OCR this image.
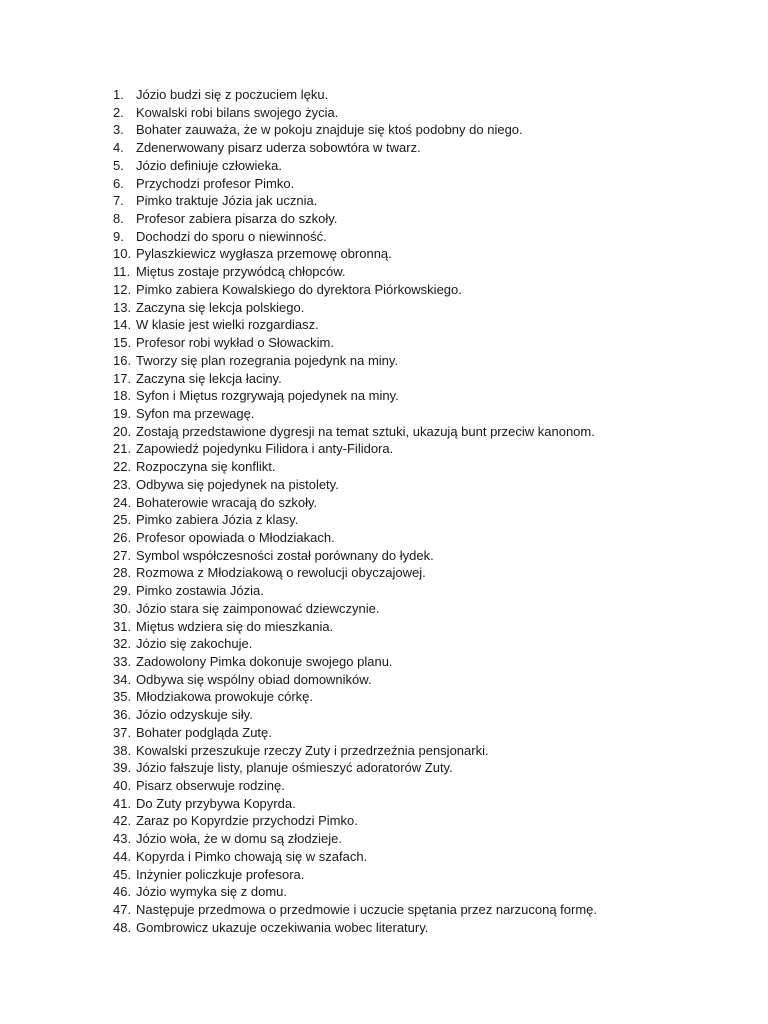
1. Józio budzi się z poczuciem lęku.
2. Kowalski robi bilans swojego życia.
3. Bohater zauważa, że w pokoju znajduje się ktoś podobny do niego.
4. Zdenerwowany pisarz uderza sobowtóra w twarz.
5. Józio definiuje człowieka.
6. Przychodzi profesor Pimko.
7. Pimko traktuje Józia jak ucznia.
8. Profesor zabiera pisarza do szkoły.
9. Dochodzi do sporu o niewinność.
10. Pylaszkiewicz wygłasza przemowę obronną.
11. Miętus zostaje przywódcą chłopców.
12. Pimko zabiera Kowalskiego do dyrektora Piórkowskiego.
13. Zaczyna się lekcja polskiego.
14. W klasie jest wielki rozgardiasz.
15. Profesor robi wykład o Słowackim.
16. Tworzy się plan rozegrania pojedynk na miny.
17. Zaczyna się lekcja łaciny.
18. Syfon i Miętus rozgrywają pojedynek na miny.
19. Syfon ma przewagę.
20. Zostają przedstawione dygresji na temat sztuki, ukazują bunt przeciw kanonom.
21. Zapowiedź pojedynku Filidora i anty-Filidora.
22. Rozpoczyna się konflikt.
23. Odbywa się pojedynek na pistolety.
24. Bohaterowie wracają do szkoły.
25. Pimko zabiera Józia z klasy.
26. Profesor opowiada o Młodziakach.
27. Symbol współczesności został porównany do łydek.
28. Rozmowa z Młodziakową o rewolucji obyczajowej.
29. Pimko zostawia Józia.
30. Józio stara się zaimponować dziewczynie.
31. Miętus wdziera się do mieszkania.
32. Józio się zakochuje.
33. Zadowolony Pimka dokonuje swojego planu.
34. Odbywa się wspólny obiad domowników.
35. Młodziakowa prowokuje córkę.
36. Józio odzyskuje siły.
37. Bohater podgląda Zutę.
38. Kowalski przeszukuje rzeczy Zuty i przedrzeźnia pensjonarki.
39. Józio fałszuje listy, planuje ośmieszyć adoratorów Zuty.
40. Pisarz obserwuje rodzinę.
41. Do Zuty przybywa Kopyrda.
42. Zaraz po Kopyrdzie przychodzi Pimko.
43. Józio woła, że w domu są złodzieje.
44. Kopyrda i Pimko chowają się w szafach.
45. Inżynier policzkuje profesora.
46. Józio wymyka się z domu.
47. Następuje przedmowa o przedmowie i uczucie spętania przez narzuconą formę.
48. Gombrowicz ukazuje oczekiwania wobec literatury.
